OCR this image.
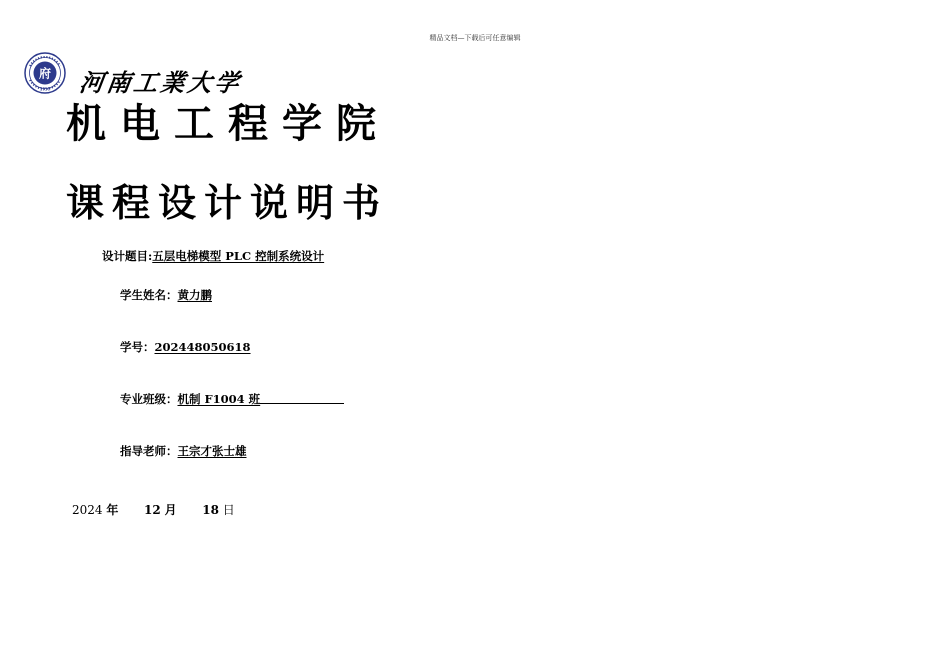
精品文档—下载后可任意编辑
府
1956 河南工業大学
机电工程学院
课程设计说明书
设计题目:五层电梯模型 PLC 控制系统设计
学生姓名：黄力鹏
学号：202448050618
专业班级：机制 F1004 班
指导老师：王宗才张士雄
2024 年 12 月 18 日
